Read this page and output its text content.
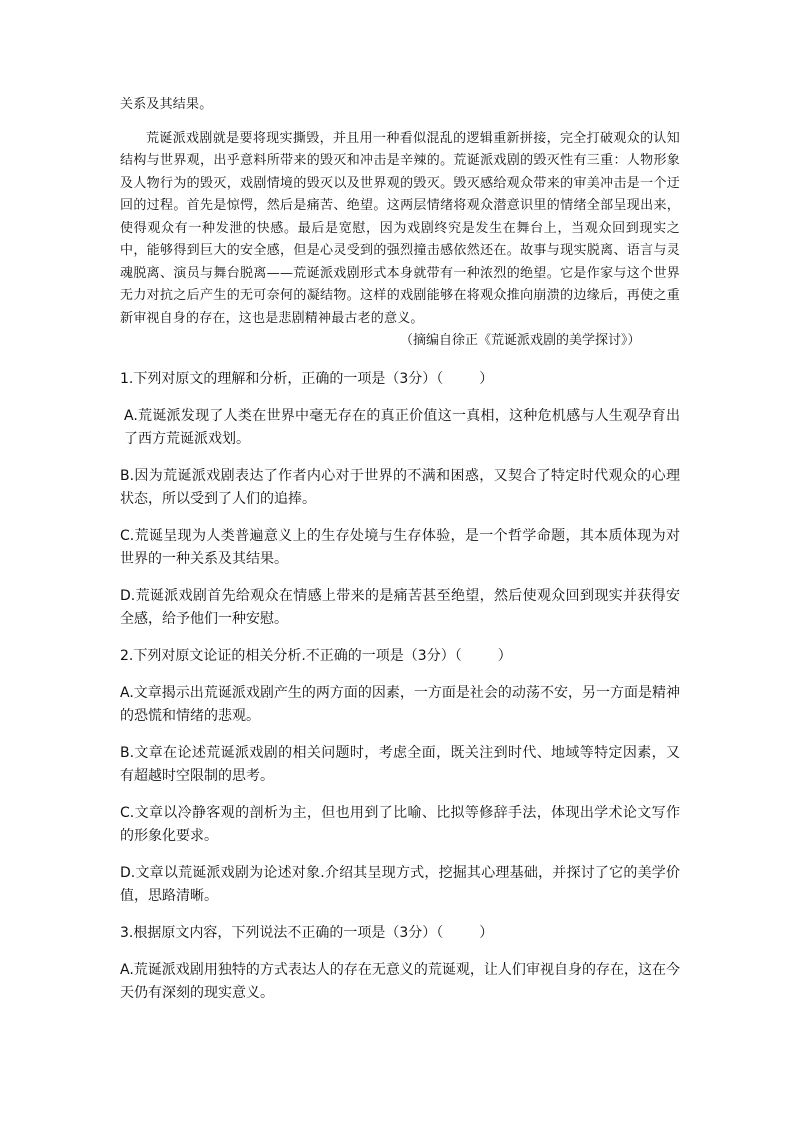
关系及其结果。

荒诞派戏剧就是要将现实撕毁，并且用一种看似混乱的逻辑重新拼接，完全打破观众的认知结构与世界观，出乎意料所带来的毁灭和冲击是辛辣的。荒诞派戏剧的毁灭性有三重：人物形象及人物行为的毁灭，戏剧情境的毁灭以及世界观的毁灭。毁灭感给观众带来的审美冲击是一个迂回的过程。首先是惊愕，然后是痛苦、绝望。这两层情绪将观众潜意识里的情绪全部呈现出来，使得观众有一种发泄的快感。最后是宽慰，因为戏剧终究是发生在舞台上，当观众回到现实之中，能够得到巨大的安全感，但是心灵受到的强烈撞击感依然还在。故事与现实脱离、语言与灵魂脱离、演员与舞台脱离——荒诞派戏剧形式本身就带有一种浓烈的绝望。它是作家与这个世界无力对抗之后产生的无可奈何的凝结物。这样的戏剧能够在将观众推向崩溃的边缘后，再使之重新审视自身的存在，这也是悲剧精神最古老的意义。

（摘编自徐正《荒诞派戏剧的美学探讨》）

1.下列对原文的理解和分析，正确的一项是（3分）（	）

A.荒诞派发现了人类在世界中毫无存在的真正价值这一真相，这种危机感与人生观孕育出了西方荒诞派戏划。

B.因为荒诞派戏剧表达了作者内心对于世界的不满和困惑，又契合了特定时代观众的心理状态，所以受到了人们的追捧。

C.荒诞呈现为人类普遍意义上的生存处境与生存体验，是一个哲学命题，其本质体现为对世界的一种关系及其结果。

D.荒诞派戏剧首先给观众在情感上带来的是痛苦甚至绝望，然后使观众回到现实并获得安全感，给予他们一种安慰。

2.下列对原文论证的相关分析.不正确的一项是（3分）（	）

A.文章揭示出荒诞派戏剧产生的两方面的因素，一方面是社会的动荡不安，另一方面是精神的恐慌和情绪的悲观。

B.文章在论述荒诞派戏剧的相关问题时，考虑全面，既关注到时代、地域等特定因素，又有超越时空限制的思考。

C.文章以冷静客观的剖析为主，但也用到了比喻、比拟等修辞手法，体现出学术论文写作的形象化要求。

D.文章以荒诞派戏剧为论述对象.介绍其呈现方式，挖掘其心理基础，并探讨了它的美学价值，思路清晰。

3.根据原文内容，下列说法不正确的一项是（3分）（	）

A.荒诞派戏剧用独特的方式表达人的存在无意义的荒诞观，让人们审视自身的存在，这在今天仍有深刻的现实意义。
